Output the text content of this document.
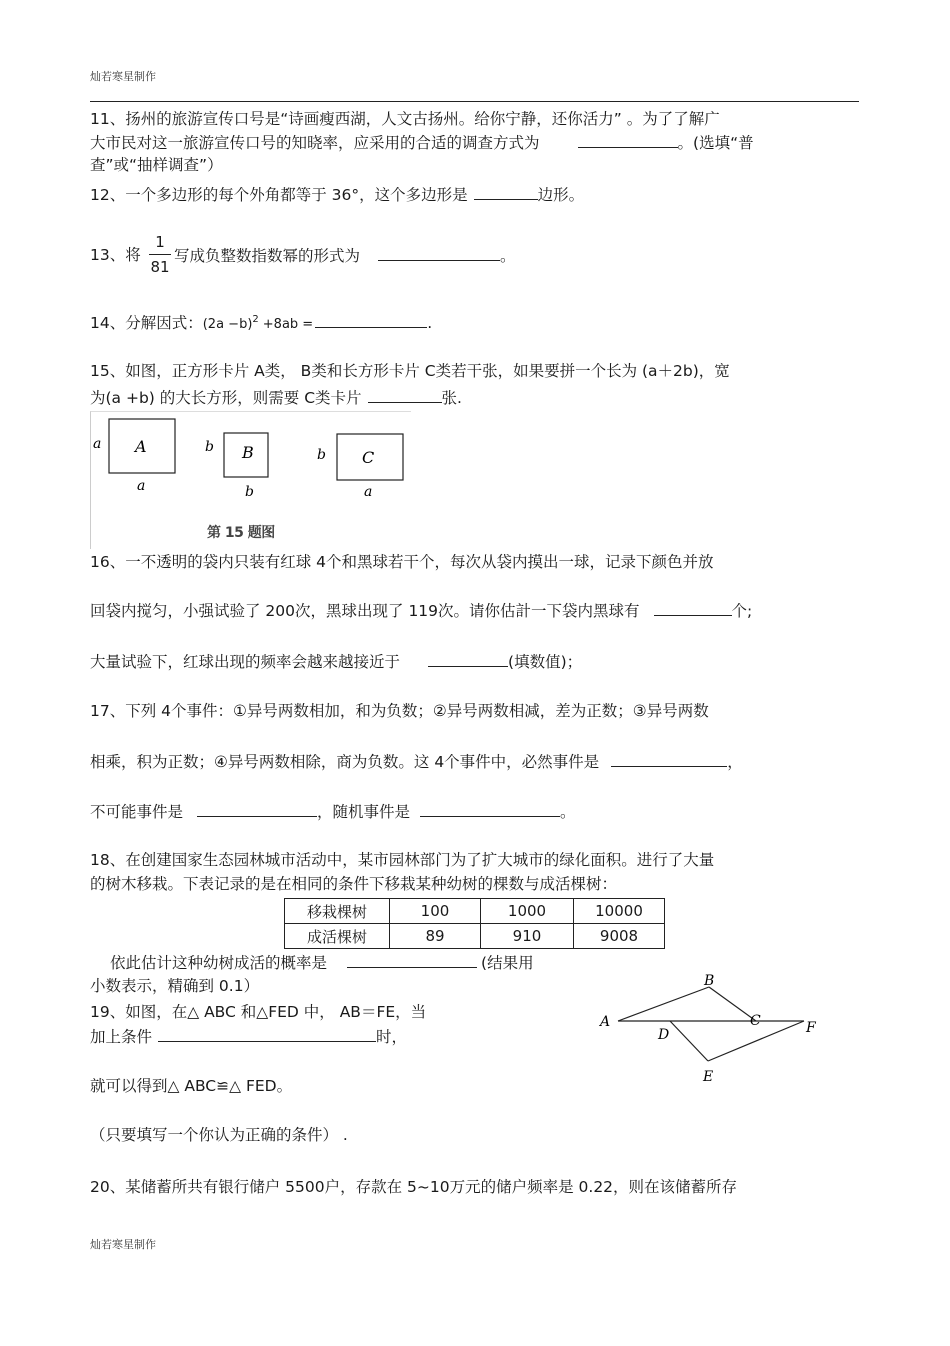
灿若寒星制作
11、扬州的旅游宣传口号是“诗画瘦西湖，人文古扬州。给你宁静，还你活力” 。为了了解广
大市民对这一旅游宣传口号的知晓率，应采用的合适的调查方式为	。(选填“普
查”或“抽样调查”）
12、一个多边形的每个外角都等于 36°，这个多边形是	边形。
13、将
1
81
写成负整数指数幂的形式为	。
14、分解因式：$(2a -b)^2 +8ab$ =	.
15、如图，正方形卡片 A类， B类和长方形卡片 C类若干张，如果要拼一个长为 (a＋2b)，宽
为(a +b) 的大长方形，则需要 C类卡片	张.
a A
a
b B
b
b C
a
第 15 题图
16、一不透明的袋内只装有红球 4个和黑球若干个，每次从袋内摸出一球，记录下颜色并放
回袋内搅匀，小强试验了 200次，黑球出现了 119次。请你估計一下袋内黑球有	个;
大量试验下，红球出现的频率会越来越接近于	(填数值)；
17、下列 4个事件：①异号两数相加，和为负数；②异号两数相减，差为正数；③异号两数
相乘，积为正数；④异号两数相除，商为负数。这 4个事件中，必然事件是	，
不可能事件是	，随机事件是	。
18、在创建国家生态园林城市活动中，某市园林部门为了扩大城市的绿化面积。进行了大量
的树木移栽。下表记录的是在相同的条件下移栽某种幼树的棵数与成活棵树：
移栽棵树	100	1000	10000
成活棵树	89	910	9008
依此估计这种幼树成活的概率是	(结果用
小数表示，精确到 0.1）
19、如图，在△ ABC 和△FED 中， AB＝FE，当
加上条件	时，
就可以得到△ ABC≌△ FED。
（只要填写一个你认为正确的条件） .
A
B
C
D
E
F
20、某储蓄所共有银行储户 5500户，存款在 5~10万元的储户频率是 0.22，则在该储蓄所存
灿若寒星制作
